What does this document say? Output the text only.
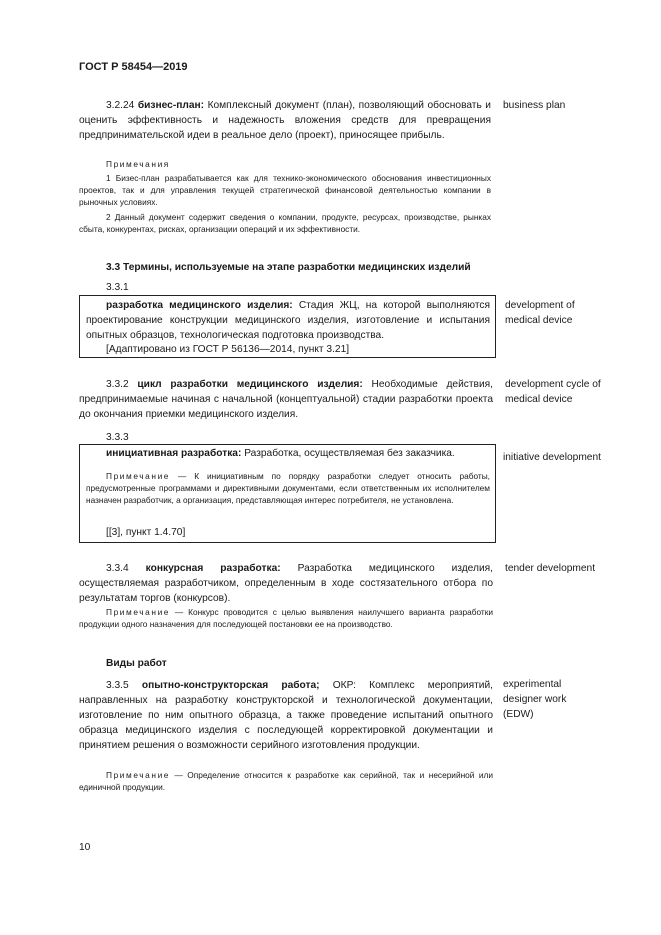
ГОСТ Р 58454—2019
3.2.24 бизнес-план: Комплексный документ (план), позволяющий обосновать и оценить эффективность и надежность вложения средств для превращения предпринимательской идеи в реальное дело (проект), приносящее прибыль.
business plan
Примечания
1 Бизес-план разрабатывается как для технико-экономического обоснования инвестиционных проектов, так и для управления текущей стратегической финансовой деятельностью компании в рыночных условиях.
2 Данный документ содержит сведения о компании, продукте, ресурсах, производстве, рынках сбыта, конкурентах, рисках, организации операций и их эффективности.
3.3 Термины, используемые на этапе разработки медицинских изделий
3.3.1
разработка медицинского изделия: Стадия ЖЦ, на которой выполняются проектирование конструкции медицинского изделия, изготовление и испытания опытных образцов, технологическая подготовка производства.
[Адаптировано из ГОСТ Р 56136—2014, пункт 3.21]
development of medical device
3.3.2 цикл разработки медицинского изделия: Необходимые действия, предпринимаемые начиная с начальной (концептуальной) стадии разработки проекта до окончания приемки медицинского изделия.
development cycle of medical device
3.3.3
инициативная разработка: Разработка, осуществляемая без заказчика.
Примечание — К инициативным по порядку разработки следует относить работы, предусмотренные программами и директивными документами, если ответственным их исполнителем назначен разработчик, а организация, представляющая интерес потребителя, не установлена.
[[3], пункт 1.4.70]
initiative development
3.3.4 конкурсная разработка: Разработка медицинского изделия, осуществляемая разработчиком, определенным в ходе состязательного отбора по результатам торгов (конкурсов).
tender development
Примечание — Конкурс проводится с целью выявления наилучшего варианта разработки продукции одного назначения для последующей постановки ее на производство.
Виды работ
3.3.5 опытно-конструкторская работа; ОКР: Комплекс мероприятий, направленных на разработку конструкторской и технологической документации, изготовление по ним опытного образца, а также проведение испытаний опытного образца медицинского изделия с последующей корректировкой документации и принятием решения о возможности серийного изготовления продукции.
experimental designer work (EDW)
Примечание — Определение относится к разработке как серийной, так и несерийной или единичной продукции.
10
